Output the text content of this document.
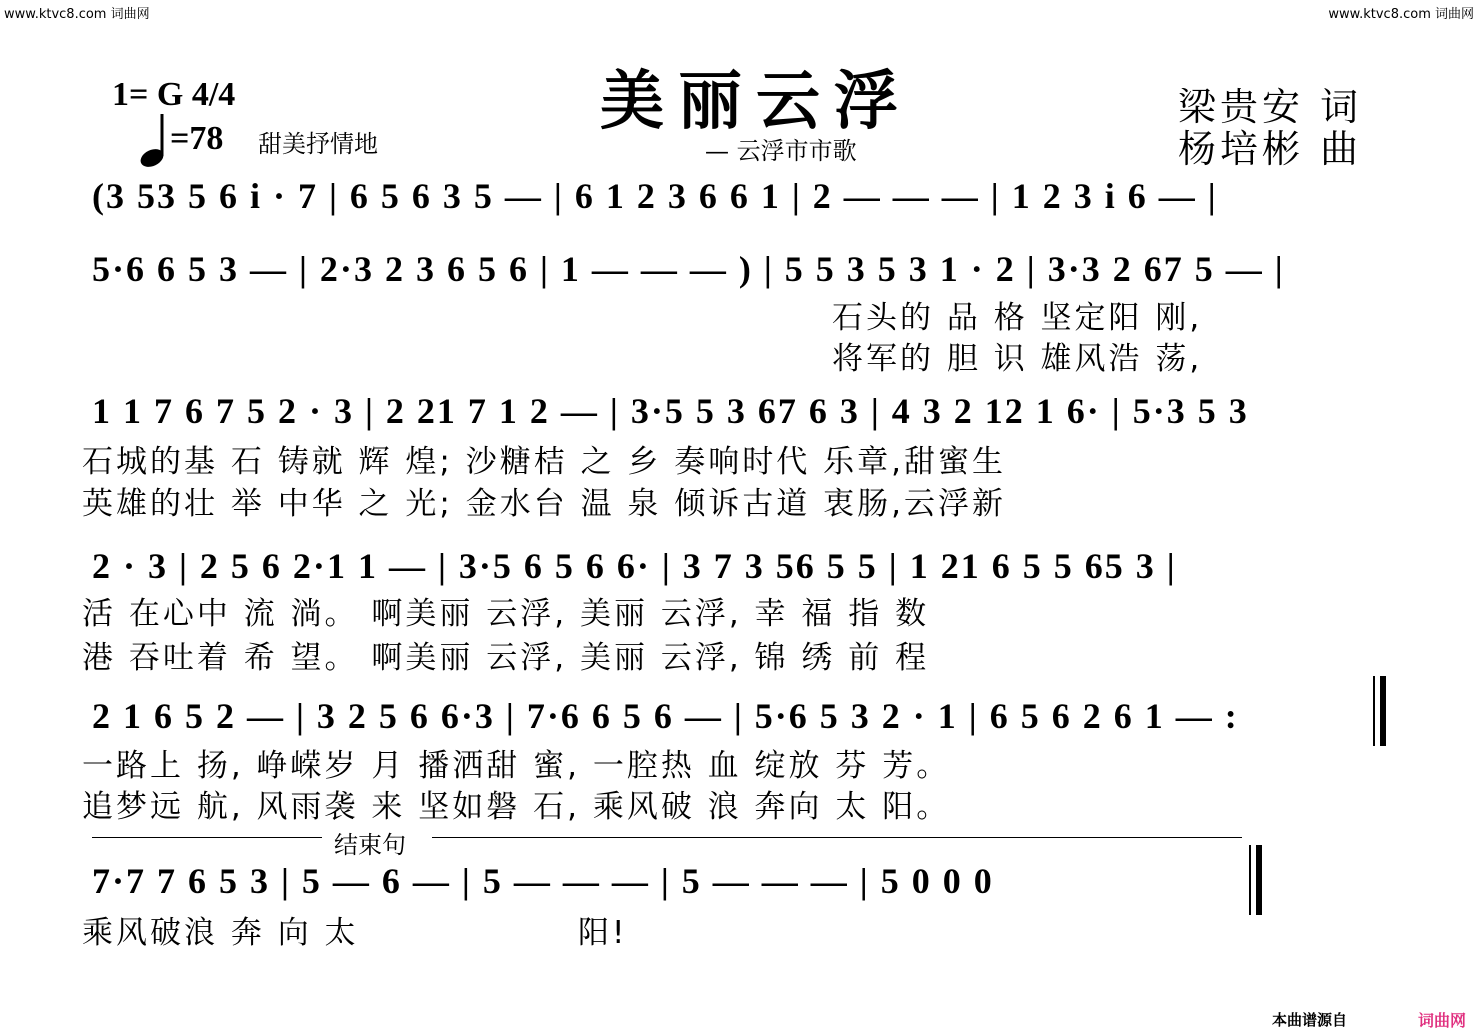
www.ktvc8.com 词曲网	www.ktvc8.com 词曲网
1= G 4/4
=78 甜美抒情地
美丽云浮
— 云浮市市歌
梁贵安 词
杨培彬 曲
(3 53 5 6 i · 7 | 6 5 6 3 5 — | 6 1 2 3 6 6 1 | 2 — — — | 1 2 3 i 6 — |
5·6 6 5 3 — | 2·3 2 3 6 5 6 | 1 — — — ) | 5 5 3 5 3 1 · 2 | 3·3 2 67 5 — |
石头的 品 格 坚定阳 刚,
将军的 胆 识 雄风浩 荡,
1 1 7 6 7 5 2 · 3 | 2 21 7 1 2 — | 3·5 5 3 67 6 3 | 4 3 2 12 1 6· | 5·3 5 3
石城的基 石 铸就 辉 煌; 沙糖桔 之 乡 奏响时代 乐章,甜蜜生
英雄的壮 举 中华 之 光; 金水台 温 泉 倾诉古道 衷肠,云浮新
2 · 3 | 2 5 6 2·1 1 — | 3·5 6 5 6 6· | 3 7 3 56 5 5 | 1 21 6 5 5 65 3 |
活 在心中 流 淌。 啊美丽 云浮, 美丽 云浮, 幸 福 指 数
港 吞吐着 希 望。 啊美丽 云浮, 美丽 云浮, 锦 绣 前 程
2 1 6 5 2 — | 3 2 5 6 6·3 | 7·6 6 5 6 — | 5·6 5 3 2 · 1 | 6 5 6 2 6 1 — :
一路上 扬, 峥嵘岁 月 播洒甜 蜜, 一腔热 血 绽放 芬 芳。
追梦远 航, 风雨袭 来 坚如磐 石, 乘风破 浪 奔向 太 阳。
结束句
7·7 7 6 5 3 | 5 — 6 — | 5 — — — | 5 — — — | 5 0 0 0
乘风破浪 奔 向 太	阳!
本曲谱源自	词曲网
